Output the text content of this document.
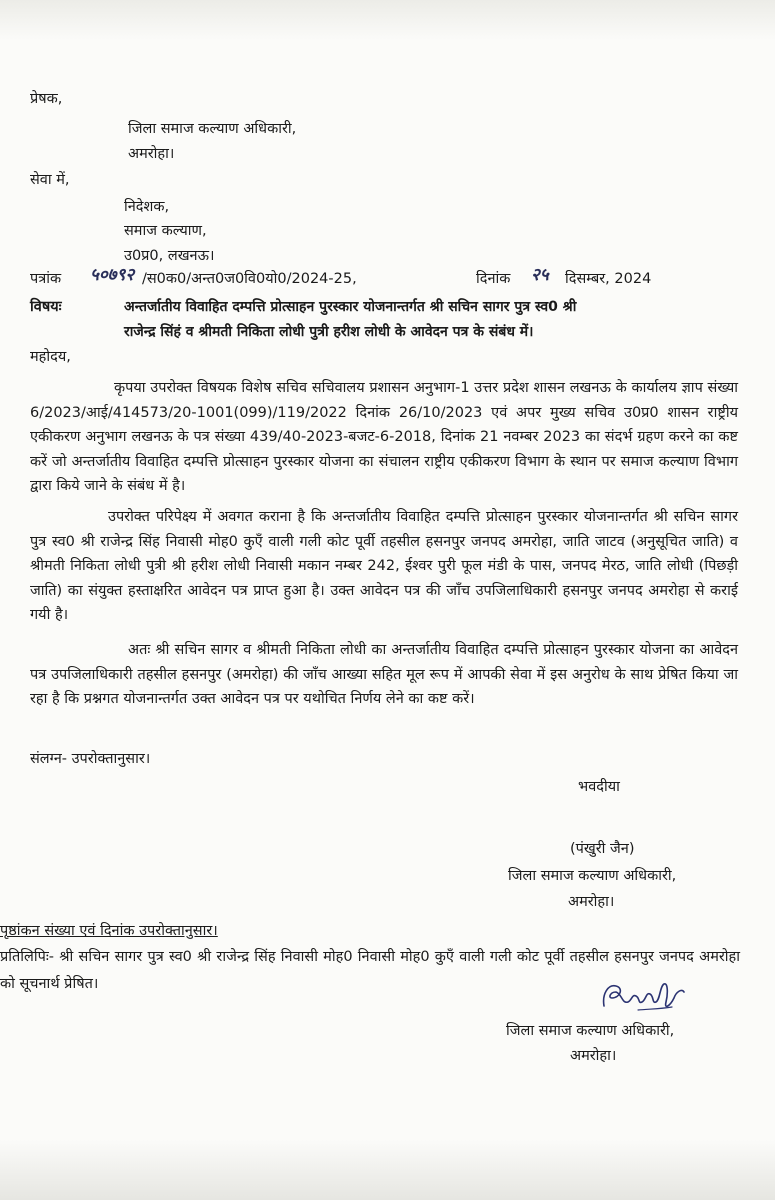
प्रेषक,
जिला समाज कल्याण अधिकारी,
अमरोहा।
सेवा में,
निदेशक,
समाज कल्याण,
उ0प्र0, लखनऊ।
पत्रांक ५०७९२ /स0क0/अन्त0ज0वि0यो0/2024-25,	दिनांक २५ दिसम्बर, 2024
विषयः	अन्तर्जातीय विवाहित दम्पत्ति प्रोत्साहन पुरस्कार योजनान्तर्गत श्री सचिन सागर पुत्र स्व0 श्री
राजेन्द्र सिंहं व श्रीमती निकिता लोधी पुत्री हरीश लोधी के आवेदन पत्र के संबंध में।
महोदय,
कृपया उपरोक्त विषयक विशेष सचिव सचिवालय प्रशासन अनुभाग-1 उत्तर प्रदेश शासन लखनऊ के कार्यालय ज्ञाप संख्या 6/2023/आई/414573/20-1001(099)/119/2022 दिनांक 26/10/2023 एवं अपर मुख्य सचिव उ0प्र0 शासन राष्ट्रीय एकीकरण अनुभाग लखनऊ के पत्र संख्या 439/40-2023-बजट-6-2018, दिनांक 21 नवम्बर 2023 का संदर्भ ग्रहण करने का कष्ट करें जो अन्तर्जातीय विवाहित दम्पत्ति प्रोत्साहन पुरस्कार योजना का संचालन राष्ट्रीय एकीकरण विभाग के स्थान पर समाज कल्याण विभाग द्वारा किये जाने के संबंध में है।
उपरोक्त परिपेक्ष्य में अवगत कराना है कि अन्तर्जातीय विवाहित दम्पत्ति प्रोत्साहन पुरस्कार योजनान्तर्गत श्री सचिन सागर पुत्र स्व0 श्री राजेन्द्र सिंह निवासी मोह0 कुएँ वाली गली कोट पूर्वी तहसील हसनपुर जनपद अमरोहा, जाति जाटव (अनुसूचित जाति) व श्रीमती निकिता लोधी पुत्री श्री हरीश लोधी निवासी मकान नम्बर 242, ईश्वर पुरी फूल मंडी के पास, जनपद मेरठ, जाति लोधी (पिछड़ी जाति) का संयुक्त हस्ताक्षरित आवेदन पत्र प्राप्त हुआ है। उक्त आवेदन पत्र की जाँच उपजिलाधिकारी हसनपुर जनपद अमरोहा से कराई गयी है।
अतः श्री सचिन सागर व श्रीमती निकिता लोधी का अन्तर्जातीय विवाहित दम्पत्ति प्रोत्साहन पुरस्कार योजना का आवेदन पत्र उपजिलाधिकारी तहसील हसनपुर (अमरोहा) की जाँच आख्या सहित मूल रूप में आपकी सेवा में इस अनुरोध के साथ प्रेषित किया जा रहा है कि प्रश्नगत योजनान्तर्गत उक्त आवेदन पत्र पर यथोचित निर्णय लेने का कष्ट करें।
संलग्न- उपरोक्तानुसार।
भवदीया
(पंखुरी जैन)
जिला समाज कल्याण अधिकारी,
अमरोहा।
पृष्ठांकन संख्या एवं दिनांक उपरोक्तानुसार।
प्रतिलिपिः- श्री सचिन सागर पुत्र स्व0 श्री राजेन्द्र सिंह निवासी मोह0 निवासी मोह0 कुएँ वाली गली कोट पूर्वी तहसील हसनपुर जनपद अमरोहा को सूचनार्थ प्रेषित।
जिला समाज कल्याण अधिकारी,
अमरोहा।
